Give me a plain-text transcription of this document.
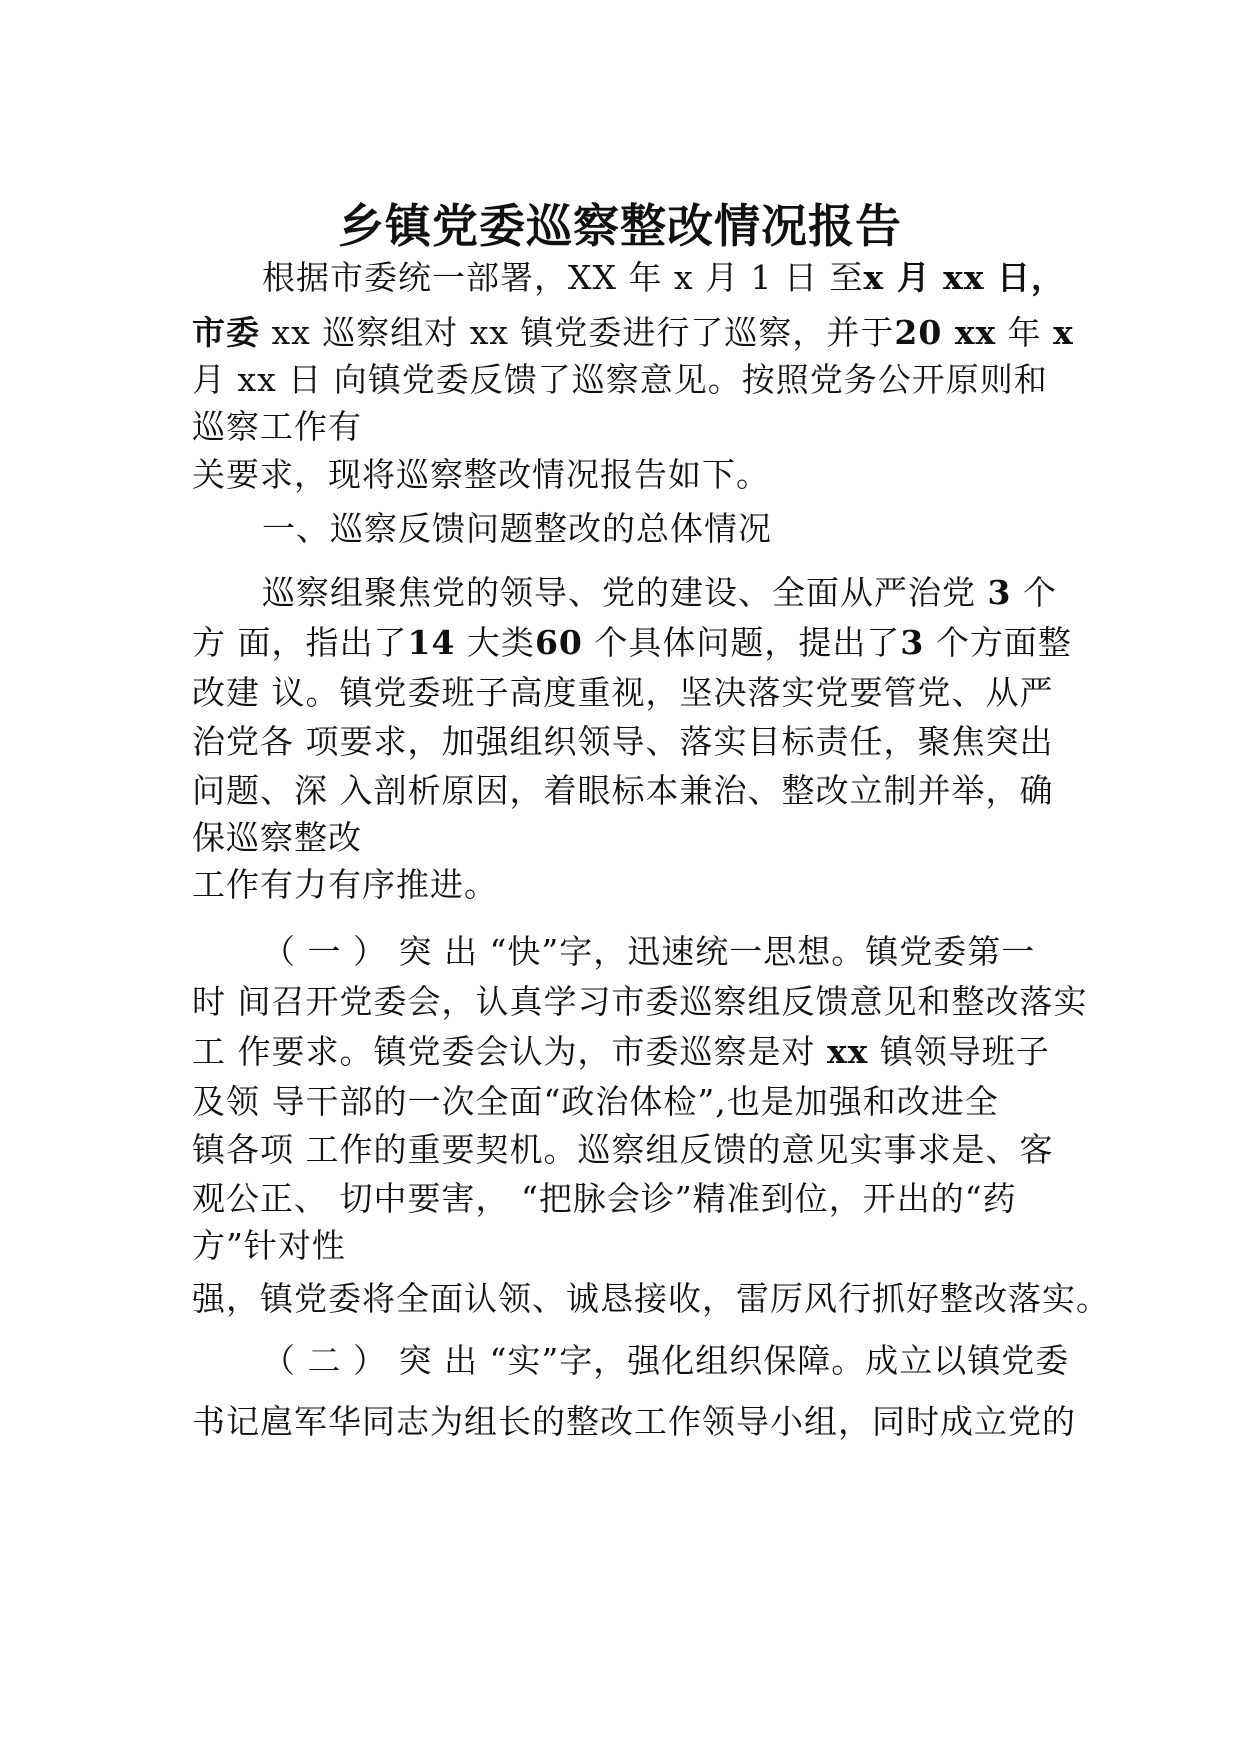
乡镇党委巡察整改情况报告
根据市委统一部署，XX 年 x 月 1 日 至x 月 xx 日，
市委 xx 巡察组对 xx 镇党委进行了巡察，并于20 xx 年 x
月 xx 日 向镇党委反馈了巡察意见。按照党务公开原则和
巡察工作有
关要求，现将巡察整改情况报告如下。
一、巡察反馈问题整改的总体情况
巡察组聚焦党的领导、党的建设、全面从严治党 3 个
方 面，指出了14 大类60 个具体问题，提出了3 个方面整
改建 议。镇党委班子高度重视，坚决落实党要管党、从严
治党各 项要求，加强组织领导、落实目标责任，聚焦突出
问题、深 入剖析原因，着眼标本兼治、整改立制并举，确
保巡察整改
工作有力有序推进。
（ 一 ） 突 出 “快”字，迅速统一思想。镇党委第一
时 间召开党委会，认真学习市委巡察组反馈意见和整改落实
工 作要求。镇党委会认为，市委巡察是对 xx 镇领导班子
及领 导干部的一次全面“政治体检”,也是加强和改进全
镇各项 工作的重要契机。巡察组反馈的意见实事求是、客
观公正、 切中要害， “把脉会诊”精准到位，开出的“药
方”针对性
强，镇党委将全面认领、诚恳接收，雷厉风行抓好整改落实。
（ 二 ） 突 出 “实”字，强化组织保障。成立以镇党委
书记扈军华同志为组长的整改工作领导小组，同时成立党的
